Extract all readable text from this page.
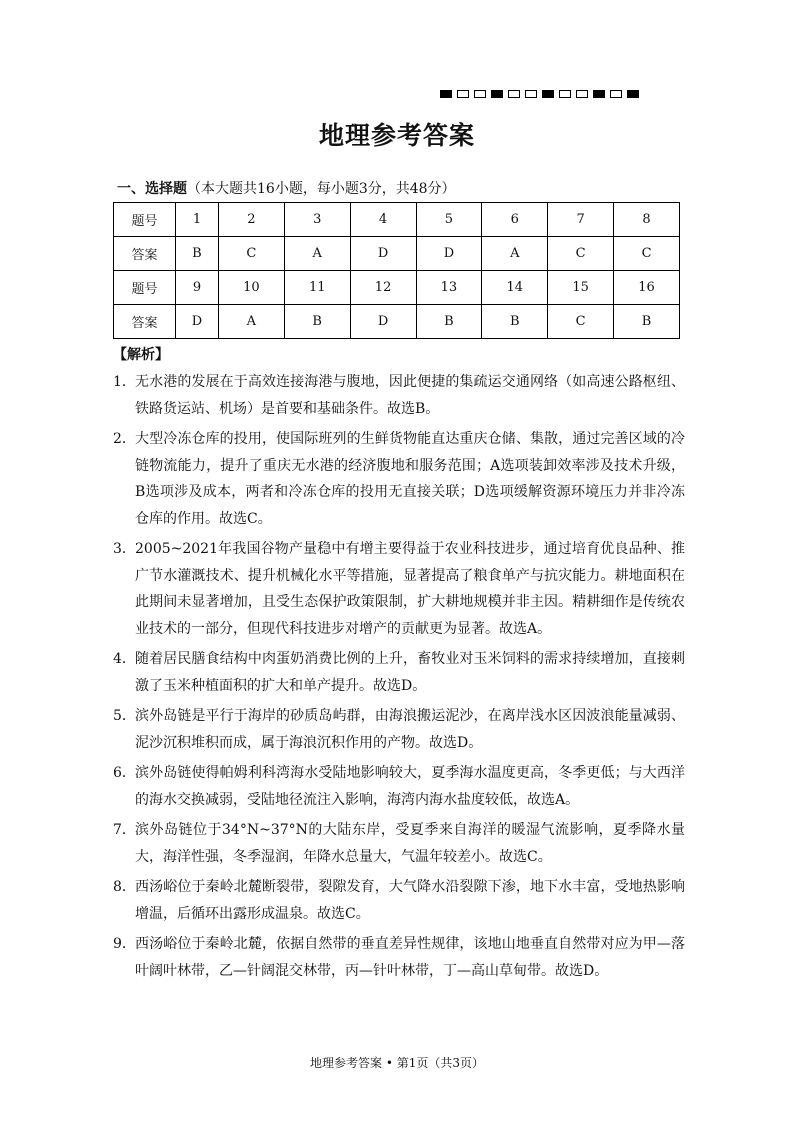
地理参考答案
一、选择题（本大题共16小题，每小题3分，共48分）
题号	1	2	3	4	5	6	7	8
答案	B	C	A	D	D	A	C	C
题号	9	10	11	12	13	14	15	16
答案	D	A	B	D	B	B	C	B
【解析】
1． 无水港的发展在于高效连接海港与腹地，因此便捷的集疏运交通网络（如高速公路枢纽、铁路货运站、机场）是首要和基础条件。故选B。
2． 大型冷冻仓库的投用，使国际班列的生鲜货物能直达重庆仓储、集散，通过完善区域的冷链物流能力，提升了重庆无水港的经济腹地和服务范围；A选项装卸效率涉及技术升级，B选项涉及成本，两者和冷冻仓库的投用无直接关联；D选项缓解资源环境压力并非冷冻仓库的作用。故选C。
3． 2005~2021年我国谷物产量稳中有增主要得益于农业科技进步，通过培育优良品种、推广节水灌溉技术、提升机械化水平等措施，显著提高了粮食单产与抗灾能力。耕地面积在此期间未显著增加，且受生态保护政策限制，扩大耕地规模并非主因。精耕细作是传统农业技术的一部分，但现代科技进步对增产的贡献更为显著。故选A。
4． 随着居民膳食结构中肉蛋奶消费比例的上升，畜牧业对玉米饲料的需求持续增加，直接刺激了玉米种植面积的扩大和单产提升。故选D。
5． 滨外岛链是平行于海岸的砂质岛屿群，由海浪搬运泥沙，在离岸浅水区因波浪能量减弱、泥沙沉积堆积而成，属于海浪沉积作用的产物。故选D。
6． 滨外岛链使得帕姆利科湾海水受陆地影响较大，夏季海水温度更高，冬季更低；与大西洋的海水交换减弱，受陆地径流注入影响，海湾内海水盐度较低，故选A。
7． 滨外岛链位于34°N~37°N的大陆东岸，受夏季来自海洋的暖湿气流影响，夏季降水量大，海洋性强，冬季湿润，年降水总量大，气温年较差小。故选C。
8． 西汤峪位于秦岭北麓断裂带，裂隙发育，大气降水沿裂隙下渗，地下水丰富，受地热影响增温，后循环出露形成温泉。故选C。
9． 西汤峪位于秦岭北麓，依据自然带的垂直差异性规律，该地山地垂直自然带对应为甲—落叶阔叶林带，乙—针阔混交林带，丙—针叶林带，丁—高山草甸带。故选D。
地理参考答案 • 第1页（共3页）
